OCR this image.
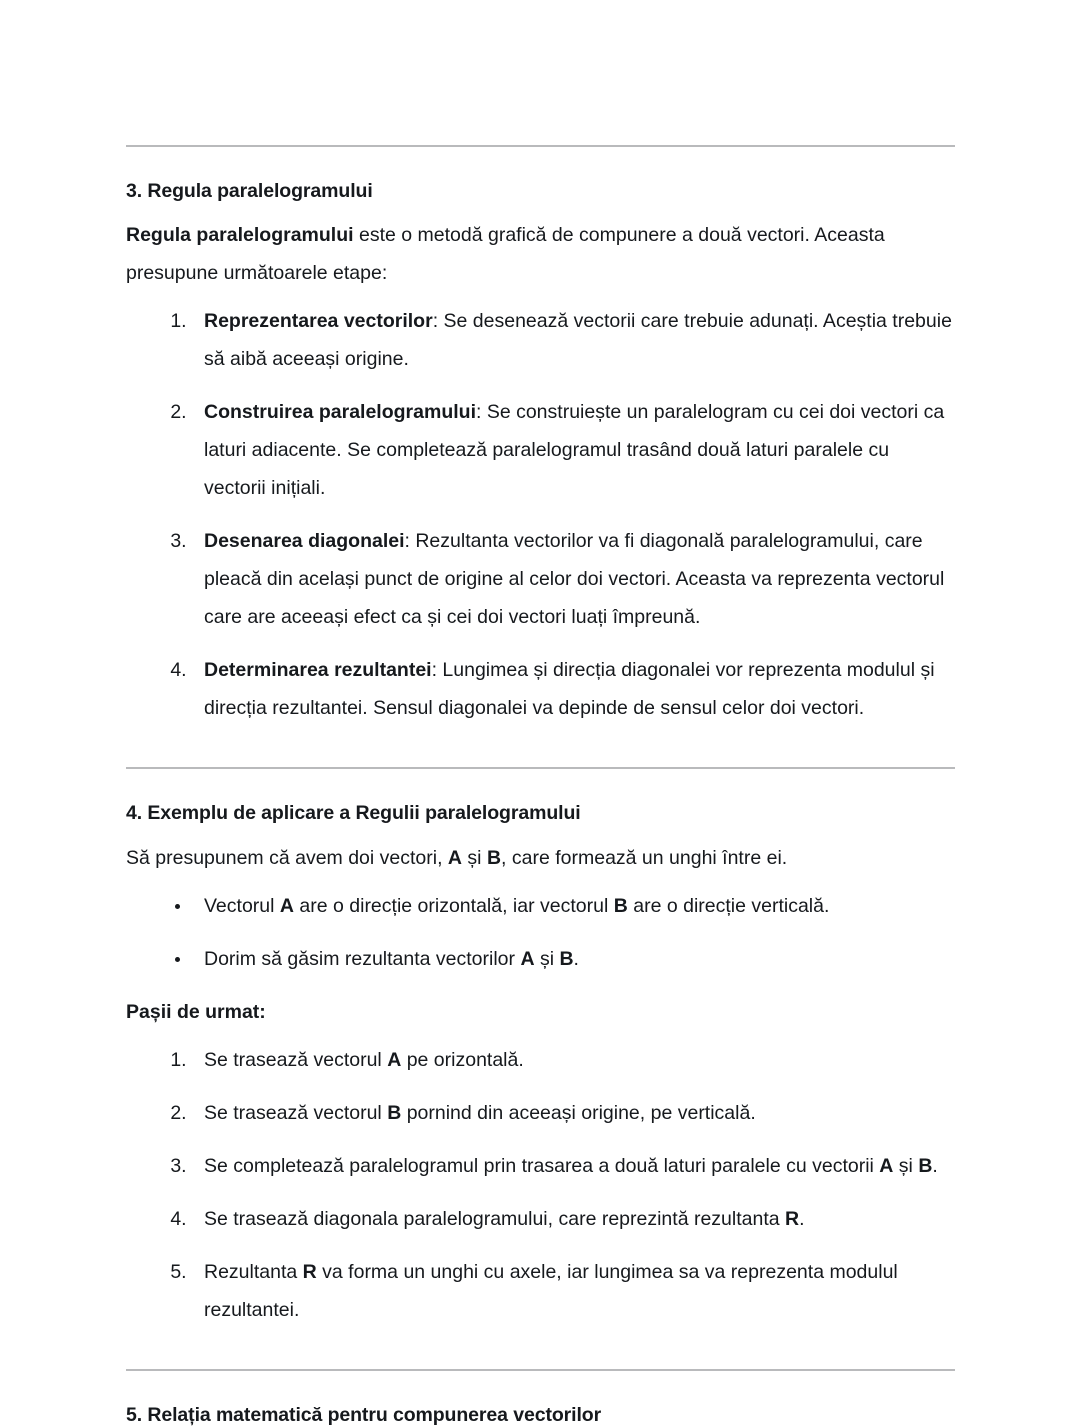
3. Regula paralelogramului

Regula paralelogramului este o metodă grafică de compunere a două vectori. Aceasta presupune următoarele etape:

1. Reprezentarea vectorilor: Se desenează vectorii care trebuie adunați. Aceștia trebuie să aibă aceeași origine.
2. Construirea paralelogramului: Se construiește un paralelogram cu cei doi vectori ca laturi adiacente. Se completează paralelogramul trasând două laturi paralele cu vectorii inițiali.
3. Desenarea diagonalei: Rezultanta vectorilor va fi diagonală paralelogramului, care pleacă din același punct de origine al celor doi vectori. Aceasta va reprezenta vectorul care are aceeași efect ca și cei doi vectori luați împreună.
4. Determinarea rezultantei: Lungimea și direcția diagonalei vor reprezenta modulul și direcția rezultantei. Sensul diagonalei va depinde de sensul celor doi vectori.
4. Exemplu de aplicare a Regulii paralelogramului

Să presupunem că avem doi vectori, A și B, care formează un unghi între ei.

• Vectorul A are o direcție orizontală, iar vectorul B are o direcție verticală.
• Dorim să găsim rezultanta vectorilor A și B.

Pașii de urmat:

1. Se trasează vectorul A pe orizontală.
2. Se trasează vectorul B pornind din aceeași origine, pe verticală.
3. Se completează paralelogramul prin trasarea a două laturi paralele cu vectorii A și B.
4. Se trasează diagonala paralelogramului, care reprezintă rezultanta R.
5. Rezultanta R va forma un unghi cu axele, iar lungimea sa va reprezenta modulul rezultantei.
5. Relația matematică pentru compunerea vectorilor
